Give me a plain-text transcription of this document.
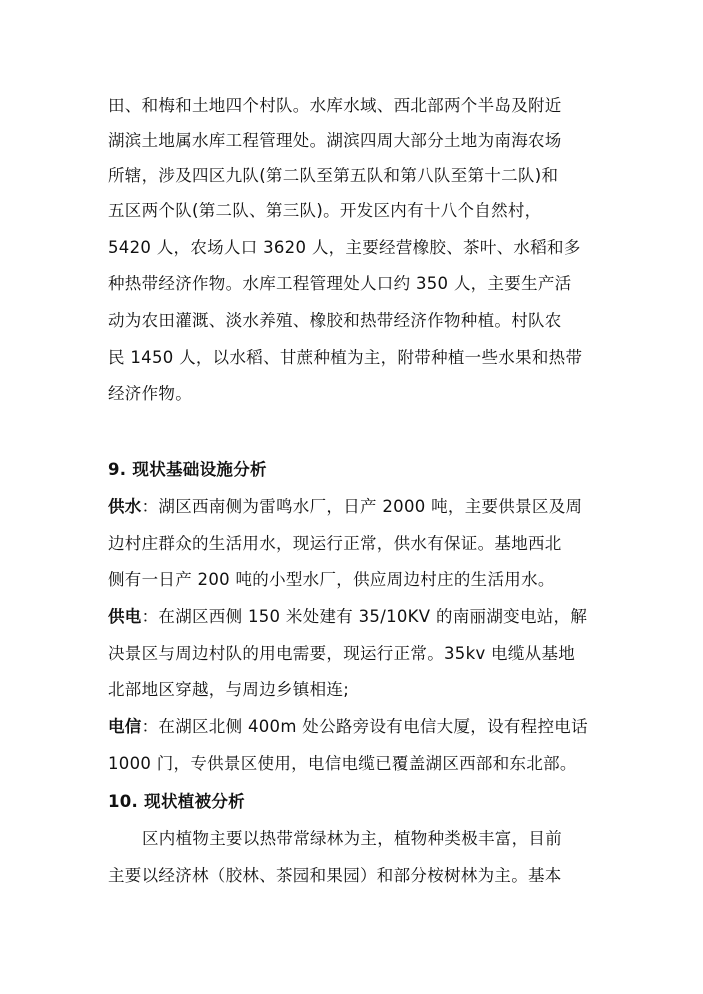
田、和梅和土地四个村队。水库水域、西北部两个半岛及附近
湖滨土地属水库工程管理处。湖滨四周大部分土地为南海农场
所辖，涉及四区九队(第二队至第五队和第八队至第十二队)和
五区两个队(第二队、第三队)。开发区内有十八个自然村，
5420 人，农场人口 3620 人，主要经营橡胶、茶叶、水稻和多
种热带经济作物。水库工程管理处人口约 350 人，主要生产活
动为农田灌溉、淡水养殖、橡胶和热带经济作物种植。村队农
民 1450 人，以水稻、甘蔗种植为主，附带种植一些水果和热带
经济作物。
9. 现状基础设施分析
供水：湖区西南侧为雷鸣水厂，日产 2000 吨，主要供景区及周
边村庄群众的生活用水，现运行正常，供水有保证。基地西北
侧有一日产 200 吨的小型水厂，供应周边村庄的生活用水。
供电：在湖区西侧 150 米处建有 35/10KV 的南丽湖变电站，解
决景区与周边村队的用电需要，现运行正常。35kv 电缆从基地
北部地区穿越，与周边乡镇相连;
电信：在湖区北侧 400m 处公路旁设有电信大厦，设有程控电话
1000 门，专供景区使用，电信电缆已覆盖湖区西部和东北部。
10. 现状植被分析
区内植物主要以热带常绿林为主，植物种类极丰富，目前
主要以经济林（胶林、茶园和果园）和部分桉树林为主。基本
